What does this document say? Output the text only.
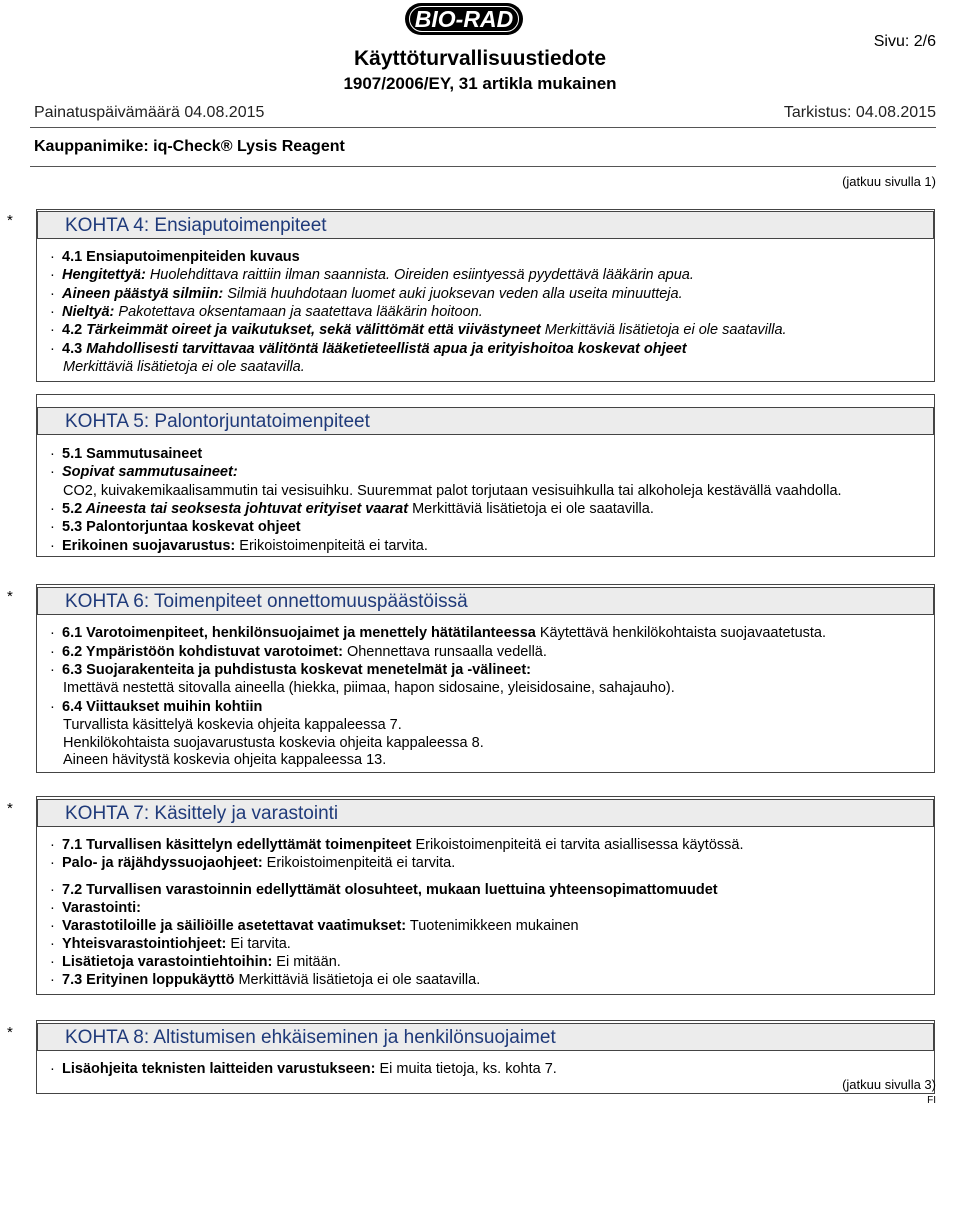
BIO-RAD
Sivu: 2/6
Käyttöturvallisuustiedote
1907/2006/EY, 31 artikla mukainen
Painatuspäivämäärä 04.08.2015	Tarkistus: 04.08.2015
Kauppanimike: iq-Check® Lysis Reagent
(jatkuu sivulla 1)
*	KOHTA 4: Ensiaputoimenpiteet
· 4.1 Ensiaputoimenpiteiden kuvaus
· Hengitettyä: Huolehdittava raittiin ilman saannista. Oireiden esiintyessä pyydettävä lääkärin apua.
· Aineen päästyä silmiin: Silmiä huuhdotaan luomet auki juoksevan veden alla useita minuutteja.
· Nieltyä: Pakotettava oksentamaan ja saatettava lääkärin hoitoon.
· 4.2 Tärkeimmät oireet ja vaikutukset, sekä välittömät että viivästyneet Merkittäviä lisätietoja ei ole saatavilla.
· 4.3 Mahdollisesti tarvittavaa välitöntä lääketieteellistä apua ja erityishoitoa koskevat ohjeet
Merkittäviä lisätietoja ei ole saatavilla.
KOHTA 5: Palontorjuntatoimenpiteet
· 5.1 Sammutusaineet
· Sopivat sammutusaineet:
CO2, kuivakemikaalisammutin tai vesisuihku. Suuremmat palot torjutaan vesisuihkulla tai alkoholeja kestävällä vaahdolla.
· 5.2 Aineesta tai seoksesta johtuvat erityiset vaarat Merkittäviä lisätietoja ei ole saatavilla.
· 5.3 Palontorjuntaa koskevat ohjeet
· Erikoinen suojavarustus: Erikoistoimenpiteitä ei tarvita.
*	KOHTA 6: Toimenpiteet onnettomuuspäästöissä
· 6.1 Varotoimenpiteet, henkilönsuojaimet ja menettely hätätilanteessa Käytettävä henkilökohtaista suojavaatetusta.
· 6.2 Ympäristöön kohdistuvat varotoimet: Ohennettava runsaalla vedellä.
· 6.3 Suojarakenteita ja puhdistusta koskevat menetelmät ja -välineet:
Imettävä nestettä sitovalla aineella (hiekka, piimaa, hapon sidosaine, yleisidosaine, sahajauho).
· 6.4 Viittaukset muihin kohtiin
Turvallista käsittelyä koskevia ohjeita kappaleessa 7.
Henkilökohtaista suojavarustusta koskevia ohjeita kappaleessa 8.
Aineen hävitystä koskevia ohjeita kappaleessa 13.
*	KOHTA 7: Käsittely ja varastointi
· 7.1 Turvallisen käsittelyn edellyttämät toimenpiteet Erikoistoimenpiteitä ei tarvita asiallisessa käytössä.
· Palo- ja räjähdyssuojaohjeet: Erikoistoimenpiteitä ei tarvita.
· 7.2 Turvallisen varastoinnin edellyttämät olosuhteet, mukaan luettuina yhteensopimattomuudet
· Varastointi:
· Varastotiloille ja säiliöille asetettavat vaatimukset: Tuotenimikkeen mukainen
· Yhteisvarastointiohjeet: Ei tarvita.
· Lisätietoja varastointiehtoihin: Ei mitään.
· 7.3 Erityinen loppukäyttö Merkittäviä lisätietoja ei ole saatavilla.
*	KOHTA 8: Altistumisen ehkäiseminen ja henkilönsuojaimet
· Lisäohjeita teknisten laitteiden varustukseen: Ei muita tietoja, ks. kohta 7.
(jatkuu sivulla 3)
FI
